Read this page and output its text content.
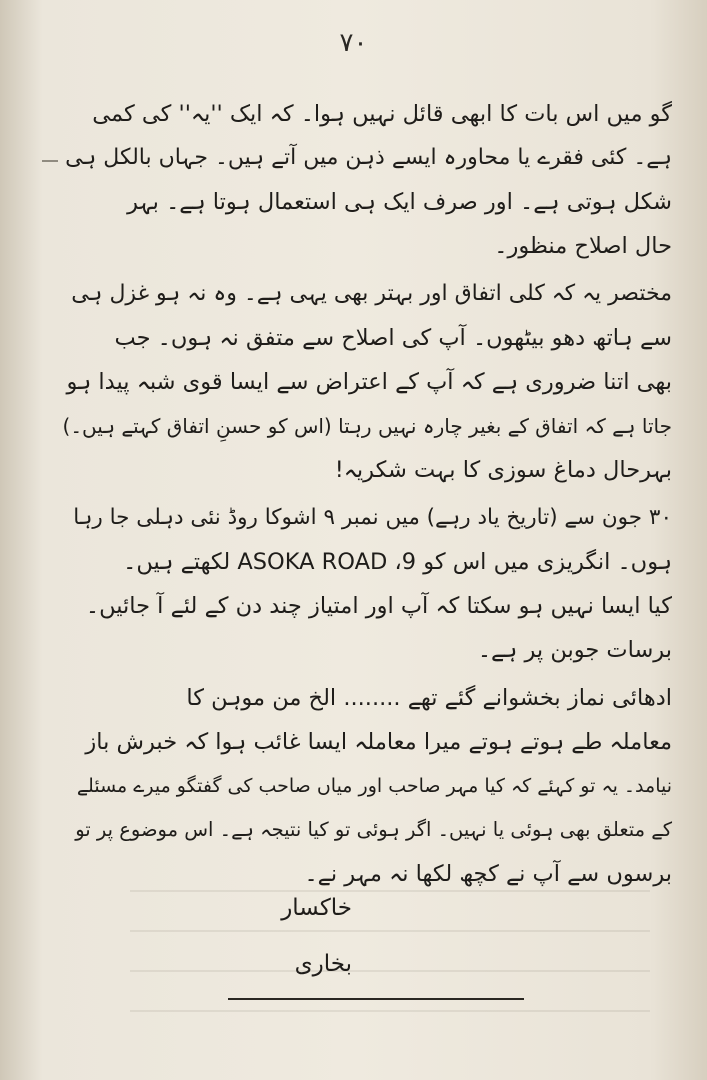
۷۰
گو میں اس بات کا ابھی قائل نہیں ہوا۔ کہ ایک ''یہ'' کی کمی
ہے۔ کئی فقرے یا محاورہ ایسے ذہن میں آتے ہیں۔ جہاں بالکل ہی
شکل ہوتی ہے۔ اور صرف ایک ہی استعمال ہوتا ہے۔ بہر
حال اصلاح منظور۔
مختصر یہ کہ کلی اتفاق اور بہتر بھی یہی ہے۔ وہ نہ ہو غزل ہی
سے ہاتھ دھو بیٹھوں۔ آپ کی اصلاح سے متفق نہ ہوں۔ جب
بھی اتنا ضروری ہے کہ آپ کے اعتراض سے ایسا قوی شبہ پیدا ہو
جاتا ہے کہ اتفاق کے بغیر چارہ نہیں رہتا (اس کو حسنِ اتفاق کہتے ہیں۔)
بہرحال دماغ سوزی کا بہت شکریہ!
۳۰ جون سے (تاریخ یاد رہے) میں نمبر ۹ اشوکا روڈ نئی دہلی جا رہا
ہوں۔ انگریزی میں اس کو ASOKA ROAD ،9 لکھتے ہیں۔
کیا ایسا نہیں ہو سکتا کہ آپ اور امتیاز چند دن کے لئے آ جائیں۔
برسات جوبن پر ہے۔
ادھائی نماز بخشوانے گئے تھے ........ الخ من موہن کا
معاملہ طے ہوتے ہوتے میرا معاملہ ایسا غائب ہوا کہ خبرش باز
نیامد۔ یہ تو کہئے کہ کیا مہر صاحب اور میاں صاحب کی گفتگو میرے مسئلے
کے متعلق بھی ہوئی یا نہیں۔ اگر ہوئی تو کیا نتیجہ ہے۔ اس موضوع پر تو
برسوں سے آپ نے کچھ لکھا نہ مہر نے۔
خاکسار
بخاری
